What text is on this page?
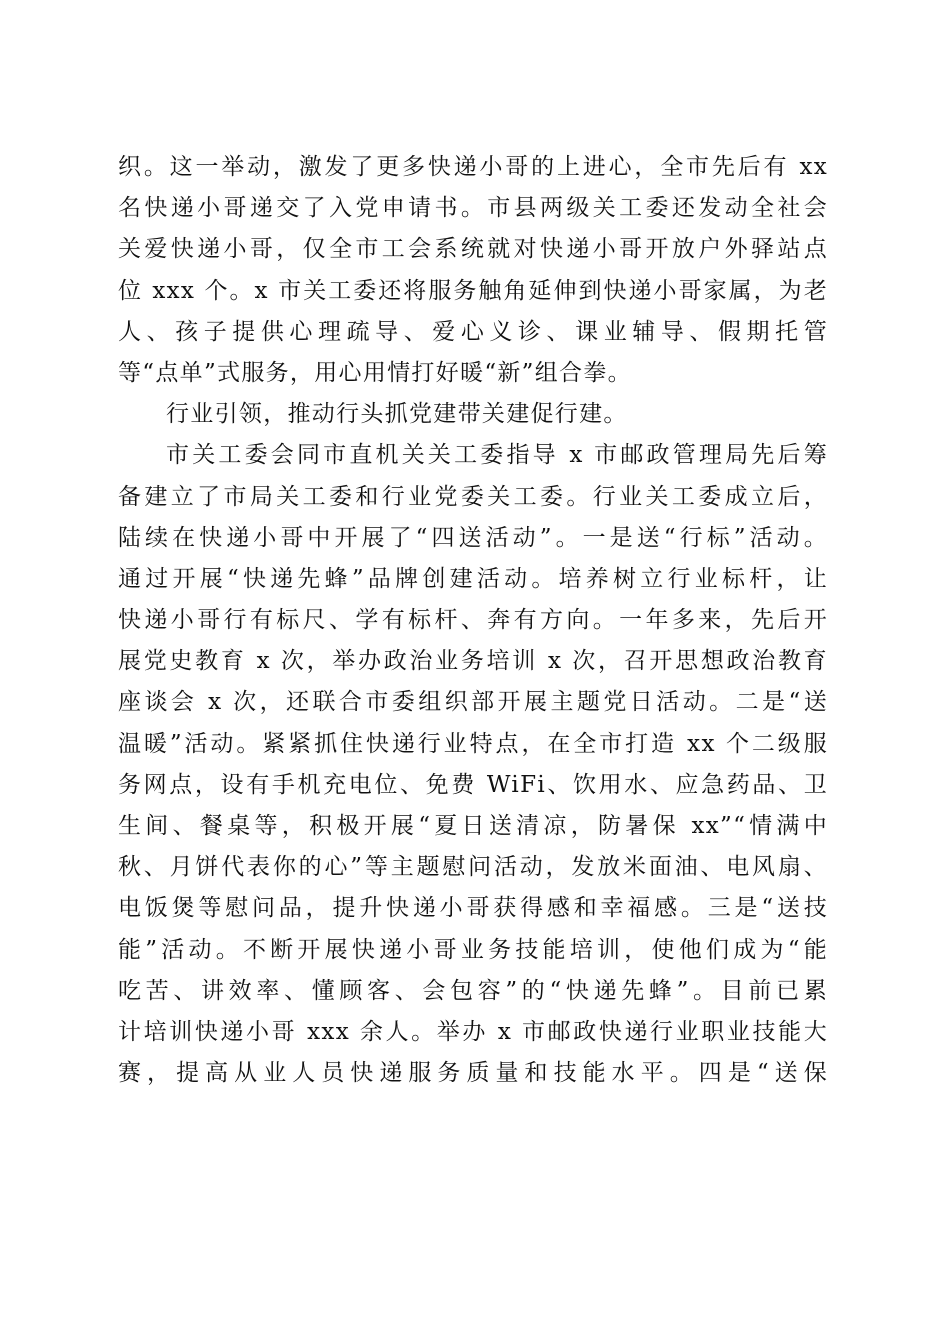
织。这一举动，激发了更多快递小哥的上进心，全市先后有 xx
名快递小哥递交了入党申请书。市县两级关工委还发动全社会
关爱快递小哥，仅全市工会系统就对快递小哥开放户外驿站点
位 xxx 个。x 市关工委还将服务触角延伸到快递小哥家属，为老
人、孩子提供心理疏导、爱心义诊、课业辅导、假期托管
等“点单”式服务，用心用情打好暖“新”组合拳。
行业引领，推动行头抓党建带关建促行建。
市关工委会同市直机关关工委指导 x 市邮政管理局先后筹
备建立了市局关工委和行业党委关工委。行业关工委成立后，
陆续在快递小哥中开展了“四送活动”。一是送“行标”活动。
通过开展“快递先蜂”品牌创建活动。培养树立行业标杆，让
快递小哥行有标尺、学有标杆、奔有方向。一年多来，先后开
展党史教育 x 次，举办政治业务培训 x 次，召开思想政治教育
座谈会 x 次，还联合市委组织部开展主题党日活动。二是“送
温暖”活动。紧紧抓住快递行业特点，在全市打造 xx 个二级服
务网点，设有手机充电位、免费 WiFi、饮用水、应急药品、卫
生间、餐桌等，积极开展“夏日送清凉，防暑保 xx”“情满中
秋、月饼代表你的心”等主题慰问活动，发放米面油、电风扇、
电饭煲等慰问品，提升快递小哥获得感和幸福感。三是“送技
能”活动。不断开展快递小哥业务技能培训，使他们成为“能
吃苦、讲效率、懂顾客、会包容”的“快递先蜂”。目前已累
计培训快递小哥 xxx 余人。举办 x 市邮政快递行业职业技能大
赛，提高从业人员快递服务质量和技能水平。四是“送保
